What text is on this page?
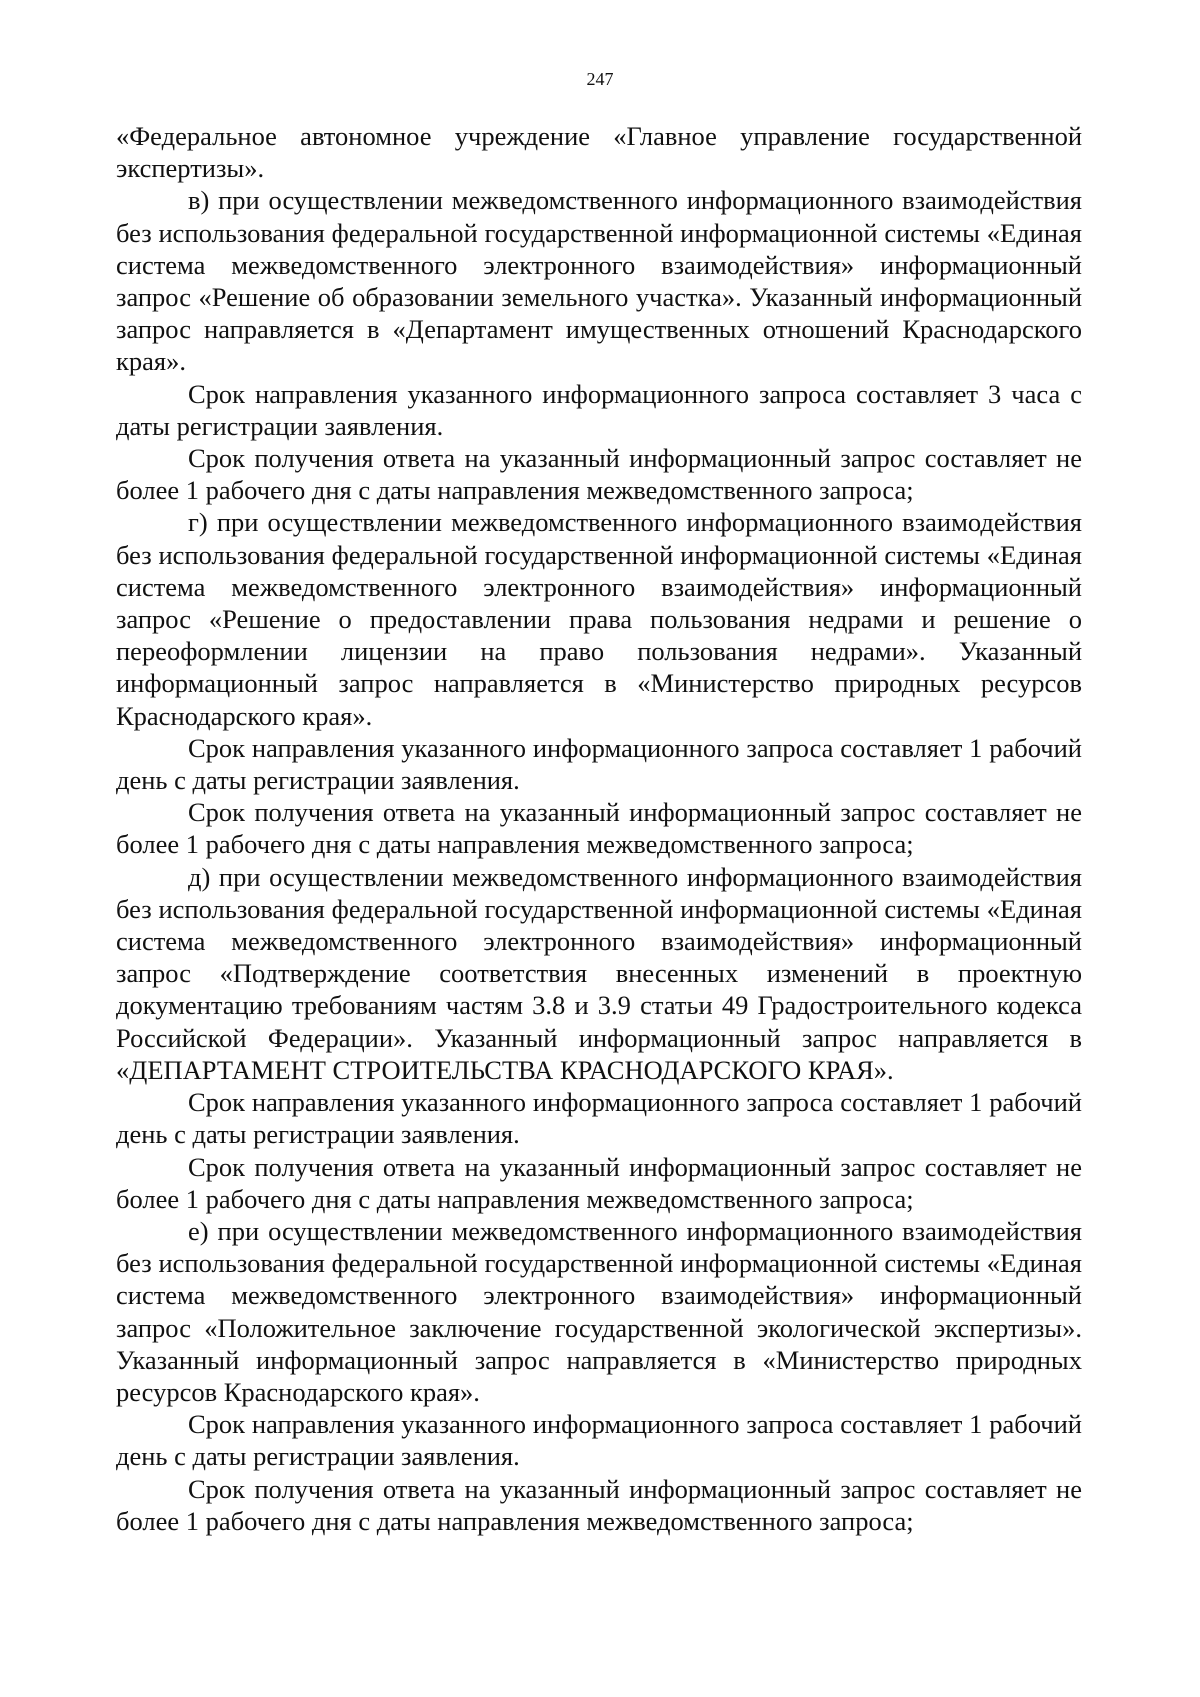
247

«Федеральное автономное учреждение «Главное управление государственной экспертизы».

в) при осуществлении межведомственного информационного взаимодействия без использования федеральной государственной информационной системы «Единая система межведомственного электронного взаимодействия» информационный запрос «Решение об образовании земельного участка». Указанный информационный запрос направляется в «Департамент имущественных отношений Краснодарского края».

Срок направления указанного информационного запроса составляет 3 часа с даты регистрации заявления.

Срок получения ответа на указанный информационный запрос составляет не более 1 рабочего дня с даты направления межведомственного запроса;

г) при осуществлении межведомственного информационного взаимодействия без использования федеральной государственной информационной системы «Единая система межведомственного электронного взаимодействия» информационный запрос «Решение о предоставлении права пользования недрами и решение о переоформлении лицензии на право пользования недрами». Указанный информационный запрос направляется в «Министерство природных ресурсов Краснодарского края».

Срок направления указанного информационного запроса составляет 1 рабочий день с даты регистрации заявления.

Срок получения ответа на указанный информационный запрос составляет не более 1 рабочего дня с даты направления межведомственного запроса;

д) при осуществлении межведомственного информационного взаимодействия без использования федеральной государственной информационной системы «Единая система межведомственного электронного взаимодействия» информационный запрос «Подтверждение соответствия внесенных изменений в проектную документацию требованиям частям 3.8 и 3.9 статьи 49 Градостроительного кодекса Российской Федерации». Указанный информационный запрос направляется в «ДЕПАРТАМЕНТ СТРОИТЕЛЬСТВА КРАСНОДАРСКОГО КРАЯ».

Срок направления указанного информационного запроса составляет 1 рабочий день с даты регистрации заявления.

Срок получения ответа на указанный информационный запрос составляет не более 1 рабочего дня с даты направления межведомственного запроса;

е) при осуществлении межведомственного информационного взаимодействия без использования федеральной государственной информационной системы «Единая система межведомственного электронного взаимодействия» информационный запрос «Положительное заключение государственной экологической экспертизы». Указанный информационный запрос направляется в «Министерство природных ресурсов Краснодарского края».

Срок направления указанного информационного запроса составляет 1 рабочий день с даты регистрации заявления.

Срок получения ответа на указанный информационный запрос составляет не более 1 рабочего дня с даты направления межведомственного запроса;
